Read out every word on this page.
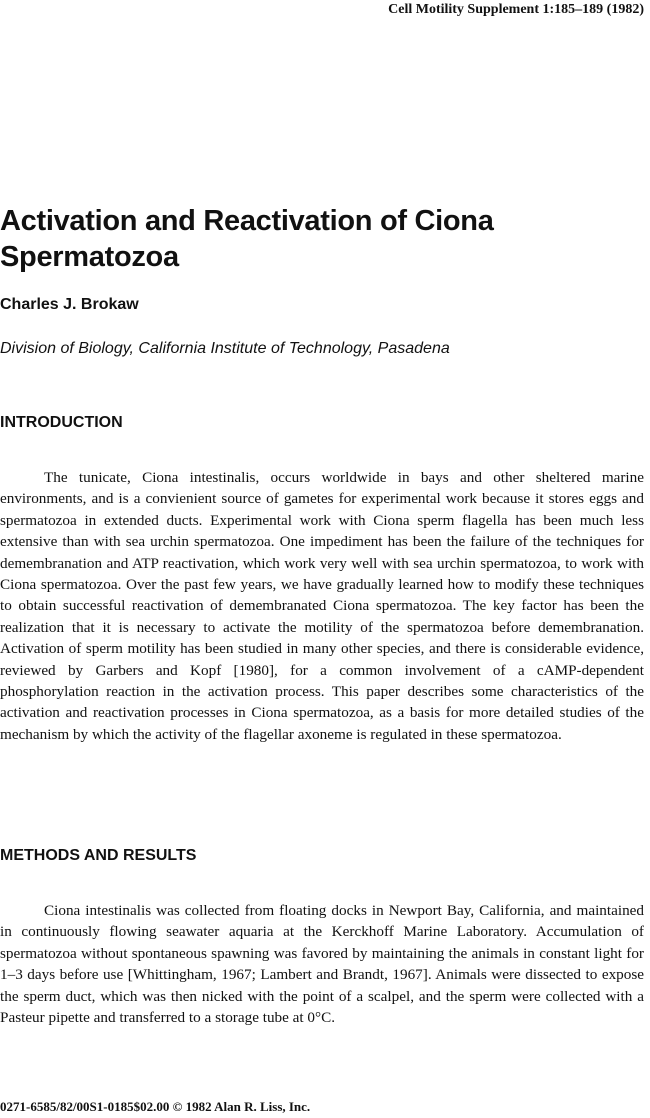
Cell Motility Supplement 1:185–189 (1982)
Activation and Reactivation of Ciona Spermatozoa
Charles J. Brokaw
Division of Biology, California Institute of Technology, Pasadena
INTRODUCTION

The tunicate, Ciona intestinalis, occurs worldwide in bays and other sheltered marine environments, and is a convienient source of gametes for experimental work because it stores eggs and spermatozoa in extended ducts. Experimental work with Ciona sperm flagella has been much less extensive than with sea urchin spermatozoa. One impediment has been the failure of the techniques for demembranation and ATP reactivation, which work very well with sea urchin spermatozoa, to work with Ciona spermatozoa. Over the past few years, we have gradually learned how to modify these techniques to obtain successful reactivation of demembranated Ciona spermatozoa. The key factor has been the realization that it is necessary to activate the motility of the spermatozoa before demembranation. Activation of sperm motility has been studied in many other species, and there is considerable evidence, reviewed by Garbers and Kopf [1980], for a common involvement of a cAMP-dependent phosphorylation reaction in the activation process. This paper describes some characteristics of the activation and reactivation processes in Ciona spermatozoa, as a basis for more detailed studies of the mechanism by which the activity of the flagellar axoneme is regulated in these spermatozoa.

METHODS AND RESULTS

Ciona intestinalis was collected from floating docks in Newport Bay, California, and maintained in continuously flowing seawater aquaria at the Kerckhoff Marine Laboratory. Accumulation of spermatozoa without spontaneous spawning was favored by maintaining the animals in constant light for 1–3 days before use [Whittingham, 1967; Lambert and Brandt, 1967]. Animals were dissected to expose the sperm duct, which was then nicked with the point of a scalpel, and the sperm were collected with a Pasteur pipette and transferred to a storage tube at 0°C.

0271-6585/82/00S1-0185$02.00 © 1982 Alan R. Liss, Inc.
